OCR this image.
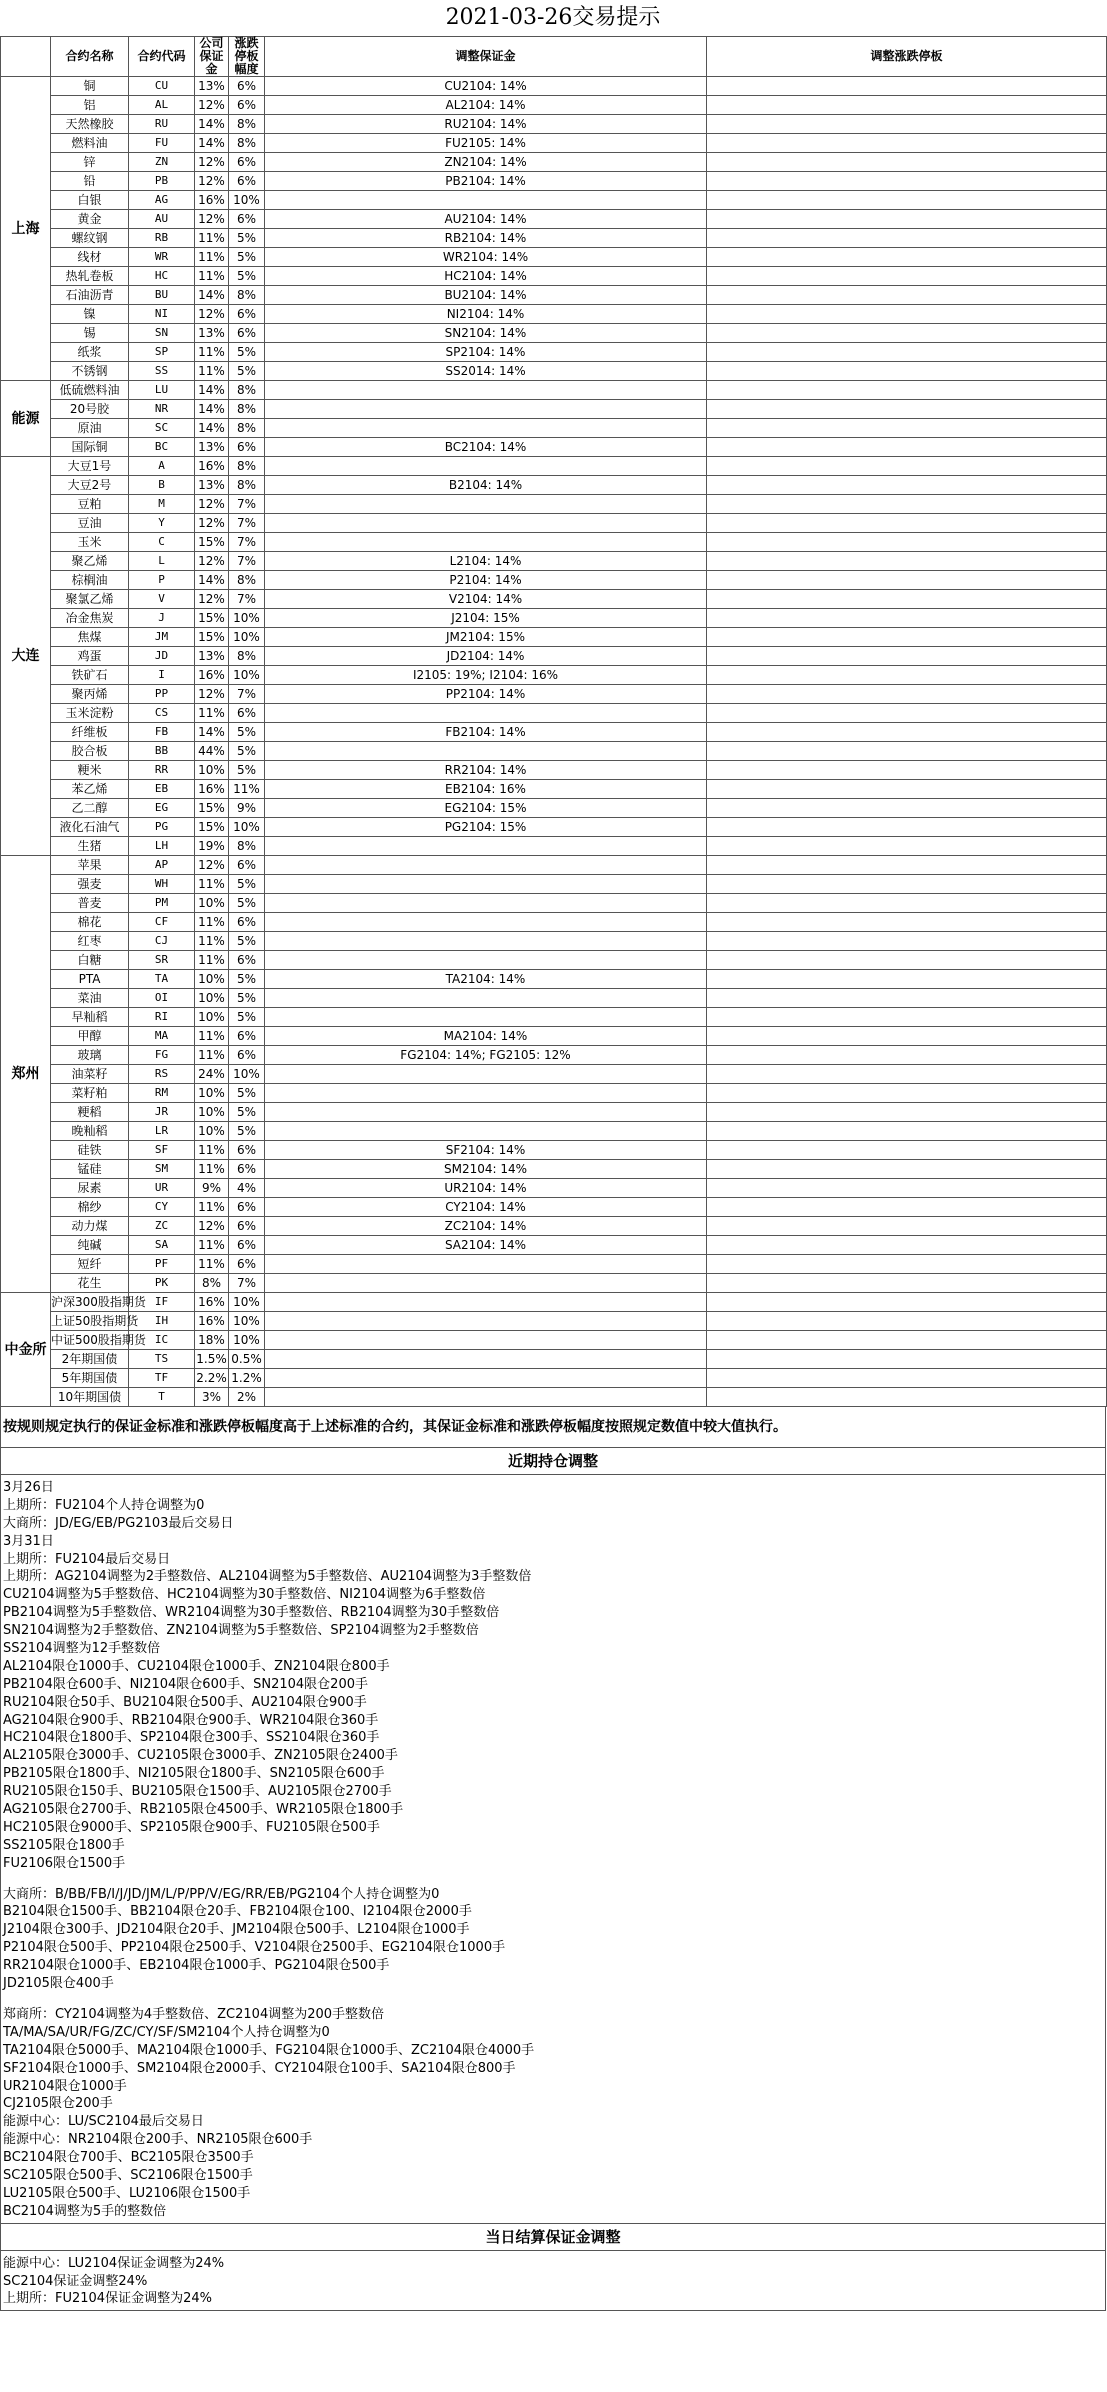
2021-03-26交易提示
	合约名称	合约代码	公司保证金	涨跌停板幅度	调整保证金	调整涨跌停板
上海	铜	CU	13%	6%	CU2104: 14%	
	铝	AL	12%	6%	AL2104: 14%	
	天然橡胶	RU	14%	8%	RU2104: 14%	
	燃料油	FU	14%	8%	FU2105: 14%	
	锌	ZN	12%	6%	ZN2104: 14%	
	铅	PB	12%	6%	PB2104: 14%	
	白银	AG	16%	10%		
	黄金	AU	12%	6%	AU2104: 14%	
	螺纹钢	RB	11%	5%	RB2104: 14%	
	线材	WR	11%	5%	WR2104: 14%	
	热轧卷板	HC	11%	5%	HC2104: 14%	
	石油沥青	BU	14%	8%	BU2104: 14%	
	镍	NI	12%	6%	NI2104: 14%	
	锡	SN	13%	6%	SN2104: 14%	
	纸浆	SP	11%	5%	SP2104: 14%	
	不锈钢	SS	11%	5%	SS2014: 14%	
能源	低硫燃料油	LU	14%	8%		
	20号胶	NR	14%	8%		
	原油	SC	14%	8%		
	国际铜	BC	13%	6%	BC2104: 14%	
大连	大豆1号	A	16%	8%		
	大豆2号	B	13%	8%	B2104: 14%	
	豆粕	M	12%	7%		
	豆油	Y	12%	7%		
	玉米	C	15%	7%		
	聚乙烯	L	12%	7%	L2104: 14%	
	棕榈油	P	14%	8%	P2104: 14%	
	聚氯乙烯	V	12%	7%	V2104: 14%	
	冶金焦炭	J	15%	10%	J2104: 15%	
	焦煤	JM	15%	10%	JM2104: 15%	
	鸡蛋	JD	13%	8%	JD2104: 14%	
	铁矿石	I	16%	10%	I2105: 19%; I2104: 16%	
	聚丙烯	PP	12%	7%	PP2104: 14%	
	玉米淀粉	CS	11%	6%		
	纤维板	FB	14%	5%	FB2104: 14%	
	胶合板	BB	44%	5%		
	粳米	RR	10%	5%	RR2104: 14%	
	苯乙烯	EB	16%	11%	EB2104: 16%	
	乙二醇	EG	15%	9%	EG2104: 15%	
	液化石油气	PG	15%	10%	PG2104: 15%	
	生猪	LH	19%	8%		
郑州	苹果	AP	12%	6%		
	强麦	WH	11%	5%		
	普麦	PM	10%	5%		
	棉花	CF	11%	6%		
	红枣	CJ	11%	5%		
	白糖	SR	11%	6%		
	PTA	TA	10%	5%	TA2104: 14%	
	菜油	OI	10%	5%		
	早籼稻	RI	10%	5%		
	甲醇	MA	11%	6%	MA2104: 14%	
	玻璃	FG	11%	6%	FG2104: 14%; FG2105: 12%	
	油菜籽	RS	24%	10%		
	菜籽粕	RM	10%	5%		
	粳稻	JR	10%	5%		
	晚籼稻	LR	10%	5%		
	硅铁	SF	11%	6%	SF2104: 14%	
	锰硅	SM	11%	6%	SM2104: 14%	
	尿素	UR	9%	4%	UR2104: 14%	
	棉纱	CY	11%	6%	CY2104: 14%	
	动力煤	ZC	12%	6%	ZC2104: 14%	
	纯碱	SA	11%	6%	SA2104: 14%	
	短纤	PF	11%	6%		
	花生	PK	8%	7%		
中金所	沪深300股指期货	IF	16%	10%		
	上证50股指期货	IH	16%	10%		
	中证500股指期货	IC	18%	10%		
	2年期国债	TS	1.5%	0.5%		
	5年期国债	TF	2.2%	1.2%		
	10年期国债	T	3%	2%		
按规则规定执行的保证金标准和涨跌停板幅度高于上述标准的合约，其保证金标准和涨跌停板幅度按照规定数值中较大值执行。
近期持仓调整
3月26日
上期所：FU2104个人持仓调整为0
大商所：JD/EG/EB/PG2103最后交易日
3月31日
上期所：FU2104最后交易日
上期所：AG2104调整为2手整数倍、AL2104调整为5手整数倍、AU2104调整为3手整数倍
CU2104调整为5手整数倍、HC2104调整为30手整数倍、NI2104调整为6手整数倍
PB2104调整为5手整数倍、WR2104调整为30手整数倍、RB2104调整为30手整数倍
SN2104调整为2手整数倍、ZN2104调整为5手整数倍、SP2104调整为2手整数倍
SS2104调整为12手整数倍
AL2104限仓1000手、CU2104限仓1000手、ZN2104限仓800手
PB2104限仓600手、NI2104限仓600手、SN2104限仓200手
RU2104限仓50手、BU2104限仓500手、AU2104限仓900手
AG2104限仓900手、RB2104限仓900手、WR2104限仓360手
HC2104限仓1800手、SP2104限仓300手、SS2104限仓360手
AL2105限仓3000手、CU2105限仓3000手、ZN2105限仓2400手
PB2105限仓1800手、NI2105限仓1800手、SN2105限仓600手
RU2105限仓150手、BU2105限仓1500手、AU2105限仓2700手
AG2105限仓2700手、RB2105限仓4500手、WR2105限仓1800手
HC2105限仓9000手、SP2105限仓900手、FU2105限仓500手
SS2105限仓1800手
FU2106限仓1500手
大商所：B/BB/FB/I/J/JD/JM/L/P/PP/V/EG/RR/EB/PG2104个人持仓调整为0
B2104限仓1500手、BB2104限仓20手、FB2104限仓100、I2104限仓2000手
J2104限仓300手、JD2104限仓20手、JM2104限仓500手、L2104限仓1000手
P2104限仓500手、PP2104限仓2500手、V2104限仓2500手、EG2104限仓1000手
RR2104限仓1000手、EB2104限仓1000手、PG2104限仓500手
JD2105限仓400手
郑商所：CY2104调整为4手整数倍、ZC2104调整为200手整数倍
TA/MA/SA/UR/FG/ZC/CY/SF/SM2104个人持仓调整为0
TA2104限仓5000手、MA2104限仓1000手、FG2104限仓1000手、ZC2104限仓4000手
SF2104限仓1000手、SM2104限仓2000手、CY2104限仓100手、SA2104限仓800手
UR2104限仓1000手
CJ2105限仓200手
能源中心：LU/SC2104最后交易日
能源中心：NR2104限仓200手、NR2105限仓600手
BC2104限仓700手、BC2105限仓3500手
SC2105限仓500手、SC2106限仓1500手
LU2105限仓500手、LU2106限仓1500手
BC2104调整为5手的整数倍
当日结算保证金调整
能源中心：LU2104保证金调整为24%
SC2104保证金调整24%
上期所：FU2104保证金调整为24%
